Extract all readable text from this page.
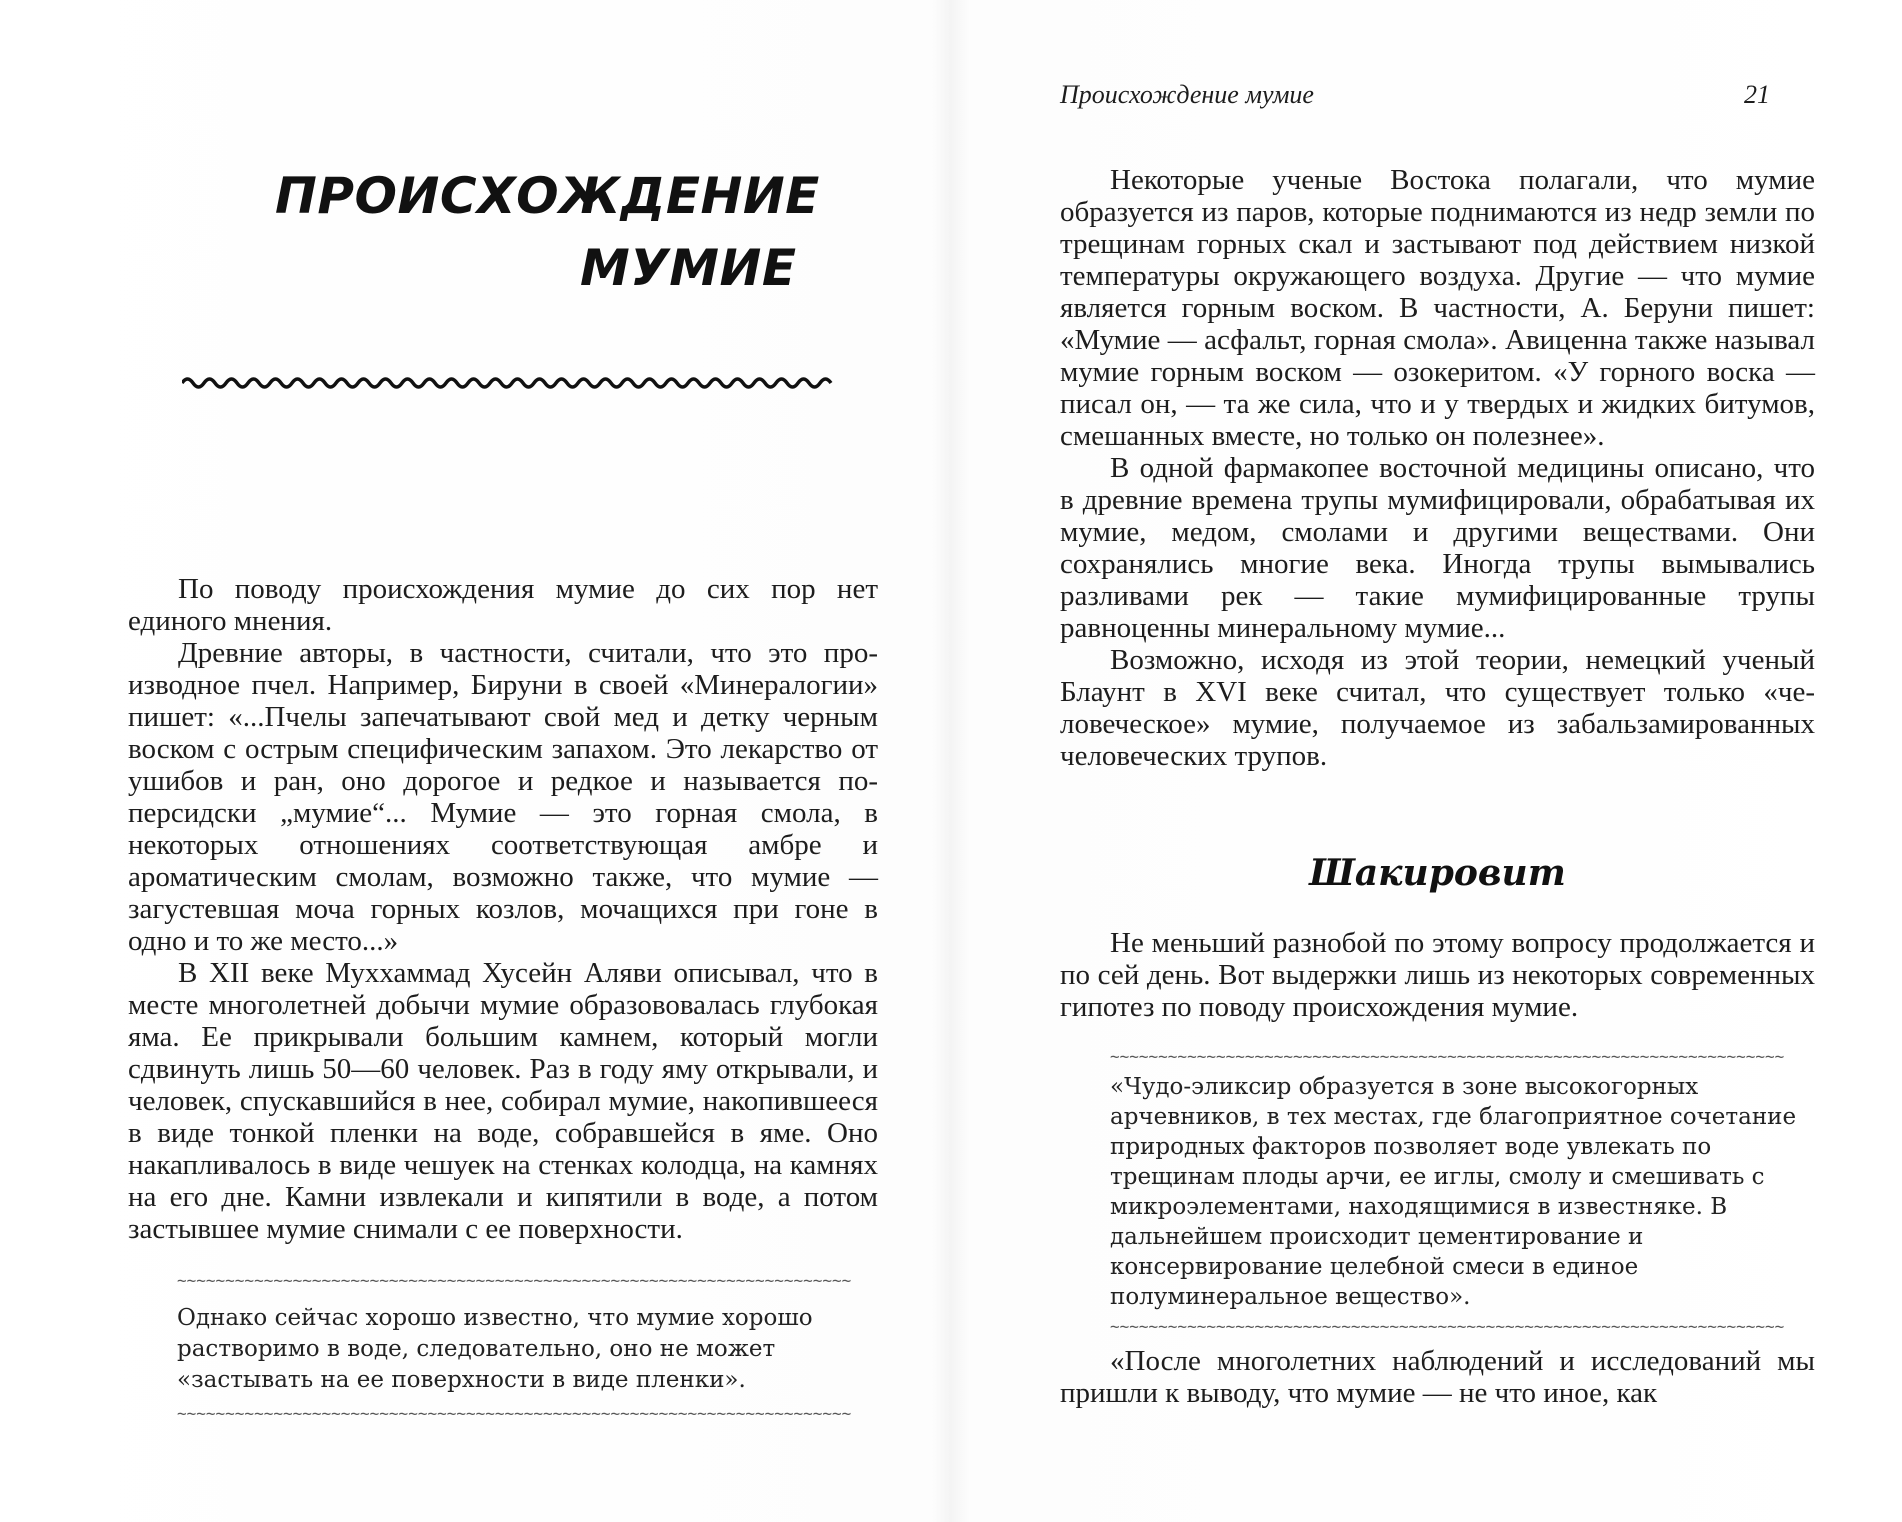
ПРОИСХОЖДЕНИЕ
МУМИЕ

По поводу происхождения мумие до сих пор нет единого мнения.

Древние авторы, в частности, считали, что это производное пчел. Например, Бируни в своей «Минералогии» пишет: «...Пчелы запечатывают свой мед и детку черным воском с острым специфическим запахом. Это лекарство от ушибов и ран, оно дорогое и редкое и называется по-персидски „мумие“... Мумие — это горная смола, в некоторых отношениях соответствующая амбре и ароматическим смолам, возможно также, что мумие — загустевшая моча горных козлов, мочащихся при гоне в одно и то же место...»

В XII веке Муххаммад Хусейн Аляви описывал, что в месте многолетней добычи мумие образововалась глубокая яма. Ее прикрывали большим камнем, который могли сдвинуть лишь 50—60 человек. Раз в году яму открывали, и человек, спускавшийся в нее, собирал мумие, накопившееся в виде тонкой пленки на воде, собравшейся в яме. Оно накапливалось в виде чешуек на стенках колодца, на камнях на его дне. Камни извлекали и кипятили в воде, а потом застывшее мумие снимали с ее поверхности.

~~~~~~~~~~~~~~~~~~~~~~~~~~~~~~~~~~~~~~~~~~~~~~~~~~~~~~~~~~~~~~~~~~~~~~
Однако сейчас хорошо известно, что мумие хорошо растворимо в воде, следовательно, оно не может «застывать на ее поверхности в виде пленки».
~~~~~~~~~~~~~~~~~~~~~~~~~~~~~~~~~~~~~~~~~~~~~~~~~~~~~~~~~~~~~~~~~~~~~~
Происхождение мумие	21

Некоторые ученые Востока полагали, что мумие образуется из паров, которые поднимаются из недр земли по трещинам горных скал и застывают под действием низкой температуры окружающего воздуха. Другие — что мумие является горным воском. В частности, А. Беруни пишет: «Мумие — асфальт, горная смола». Авиценна также называл мумие горным воском — озокеритом. «У горного воска — писал он, — та же сила, что и у твердых и жидких битумов, смешанных вместе, но только он полезнее».

В одной фармакопее восточной медицины описано, что в древние времена трупы мумифицировали, обрабатывая их мумие, медом, смолами и другими веществами. Они сохранялись многие века. Иногда трупы вымывались разливами рек — такие мумифицированные трупы равноценны минеральному мумие...

Возможно, исходя из этой теории, немецкий ученый Блаунт в XVI веке считал, что существует только «человеческое» мумие, получаемое из забальзамированных человеческих трупов.

Шакировит

Не меньший разнобой по этому вопросу продолжается и по сей день. Вот выдержки лишь из некоторых современных гипотез по поводу происхождения мумие.

~~~~~~~~~~~~~~~~~~~~~~~~~~~~~~~~~~~~~~~~~~~~~~~~~~~~~~~~~~~~~~~~~~~~~~
«Чудо-эликсир образуется в зоне высокогорных арчевников, в тех местах, где благоприятное сочетание природных факторов позволяет воде увлекать по трещинам плоды арчи, ее иглы, смолу и смешивать с микроэлементами, находящимися в известняке. В дальнейшем происходит цементирование и консервирование целебной смеси в единое полуминеральное вещество».
~~~~~~~~~~~~~~~~~~~~~~~~~~~~~~~~~~~~~~~~~~~~~~~~~~~~~~~~~~~~~~~~~~~~~~

«После многолетних наблюдений и исследований мы пришли к выводу, что мумие — не что иное, как
